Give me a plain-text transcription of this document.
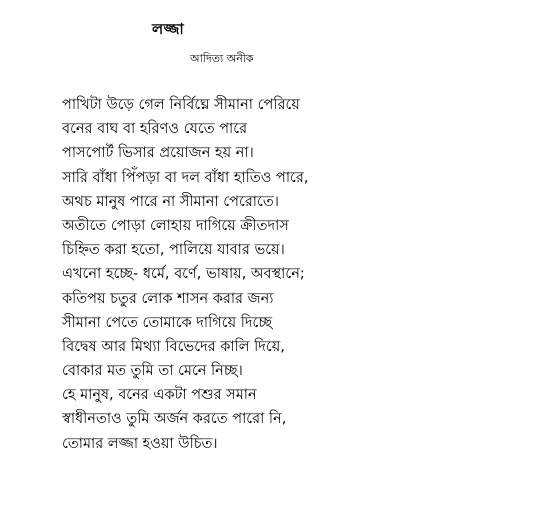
লজ্জা
আদিত্য অনীক
পাখিটা উড়ে গেল নির্বিঘ্নে সীমানা পেরিয়ে
বনের বাঘ বা হরিণও যেতে পারে
পাসপোর্ট ভিসার প্রয়োজন হয় না।
সারি বাঁধা পিঁপড়া বা দল বাঁধা হাতিও পারে,
অথচ মানুষ পারে না সীমানা পেরোতে।
অতীতে পোড়া লোহায় দাগিয়ে ক্রীতদাস
চিহ্নিত করা হতো, পালিয়ে যাবার ভয়ে।
এখনো হচ্ছে- ধর্মে, বর্ণে, ভাষায়, অবস্থানে;
কতিপয় চতুর লোক শাসন করার জন্য
সীমানা পেতে তোমাকে দাগিয়ে দিচ্ছে
বিদ্বেষ আর মিথ্যা বিভেদের কালি দিয়ে,
বোকার মত তুমি তা মেনে নিচ্ছ।
হে মানুষ, বনের একটা পশুর সমান
স্বাধীনতাও তুমি অর্জন করতে পারো নি,
তোমার লজ্জা হওয়া উচিত।
